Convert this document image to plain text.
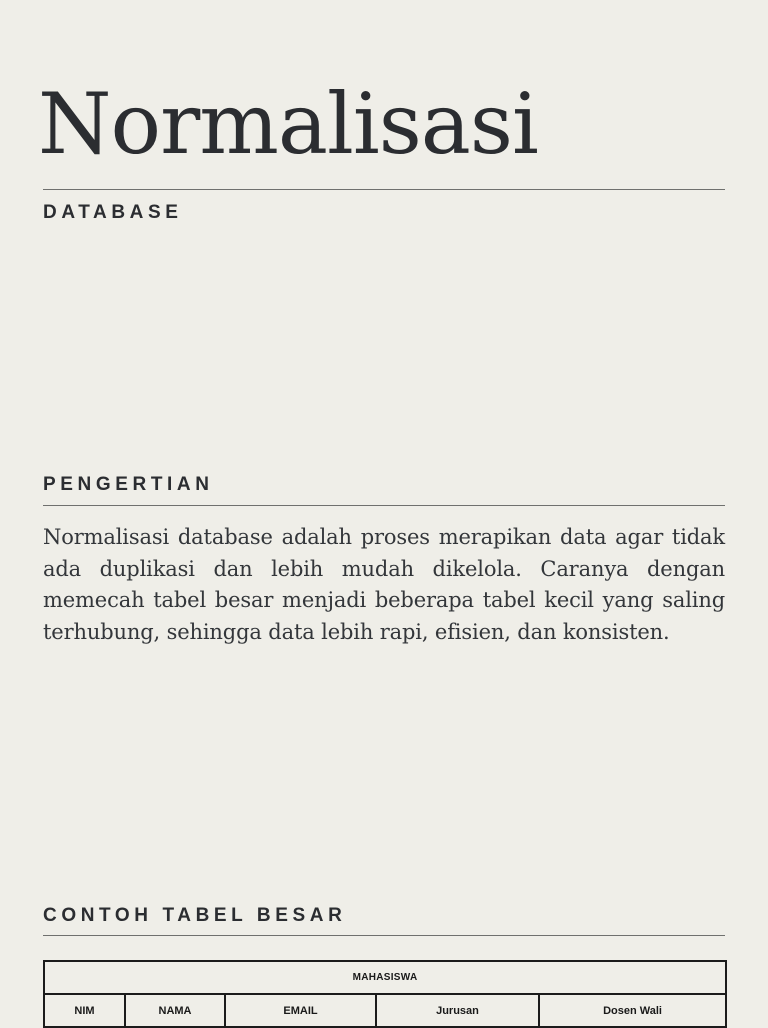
Normalisasi
DATABASE
PENGERTIAN

Normalisasi database adalah proses merapikan data agar tidak ada duplikasi dan lebih mudah dikelola. Caranya dengan memecah tabel besar menjadi beberapa tabel kecil yang saling terhubung, sehingga data lebih rapi, efisien, dan konsisten.

CONTOH TABEL BESAR
MAHASISWA
NIM	NAMA	EMAIL	Jurusan	Dosen Wali
